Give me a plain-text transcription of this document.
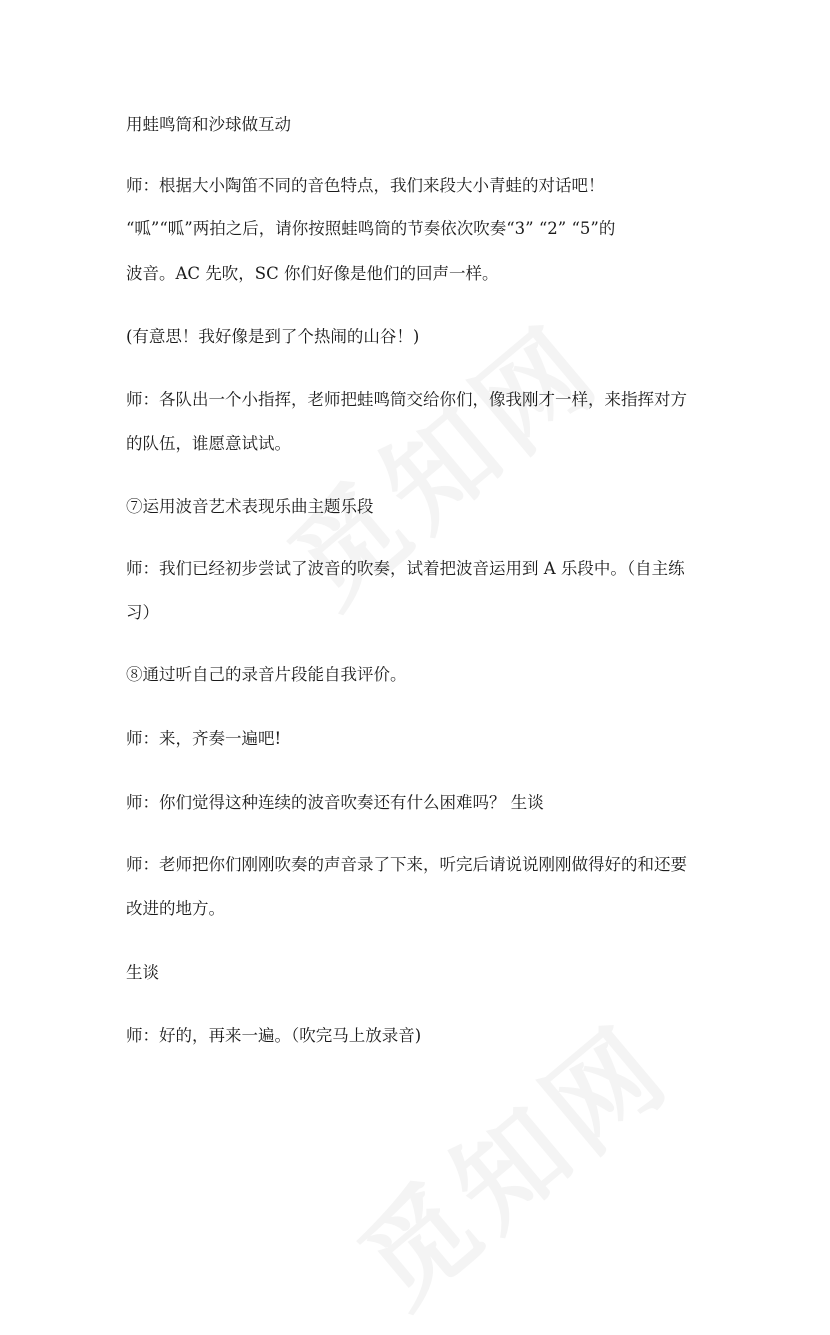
用蛙鸣筒和沙球做互动
师：根据大小陶笛不同的音色特点，我们来段大小青蛙的对话吧！
“呱”“呱”两拍之后，请你按照蛙鸣筒的节奏依次吹奏“3” “2” “5”的
波音。AC 先吹，SC 你们好像是他们的回声一样。
(有意思！我好像是到了个热闹的山谷！)
师：各队出一个小指挥，老师把蛙鸣筒交给你们，像我刚才一样，来指挥对方
的队伍，谁愿意试试。
⑦运用波音艺术表现乐曲主题乐段
师：我们已经初步尝试了波音的吹奏，试着把波音运用到 A 乐段中。（自主练
习）
⑧通过听自己的录音片段能自我评价。
师：来，齐奏一遍吧!
师：你们觉得这种连续的波音吹奏还有什么困难吗？ 生谈
师：老师把你们刚刚吹奏的声音录了下来，听完后请说说刚刚做得好的和还要
改进的地方。
生谈
师：好的，再来一遍。（吹完马上放录音)
